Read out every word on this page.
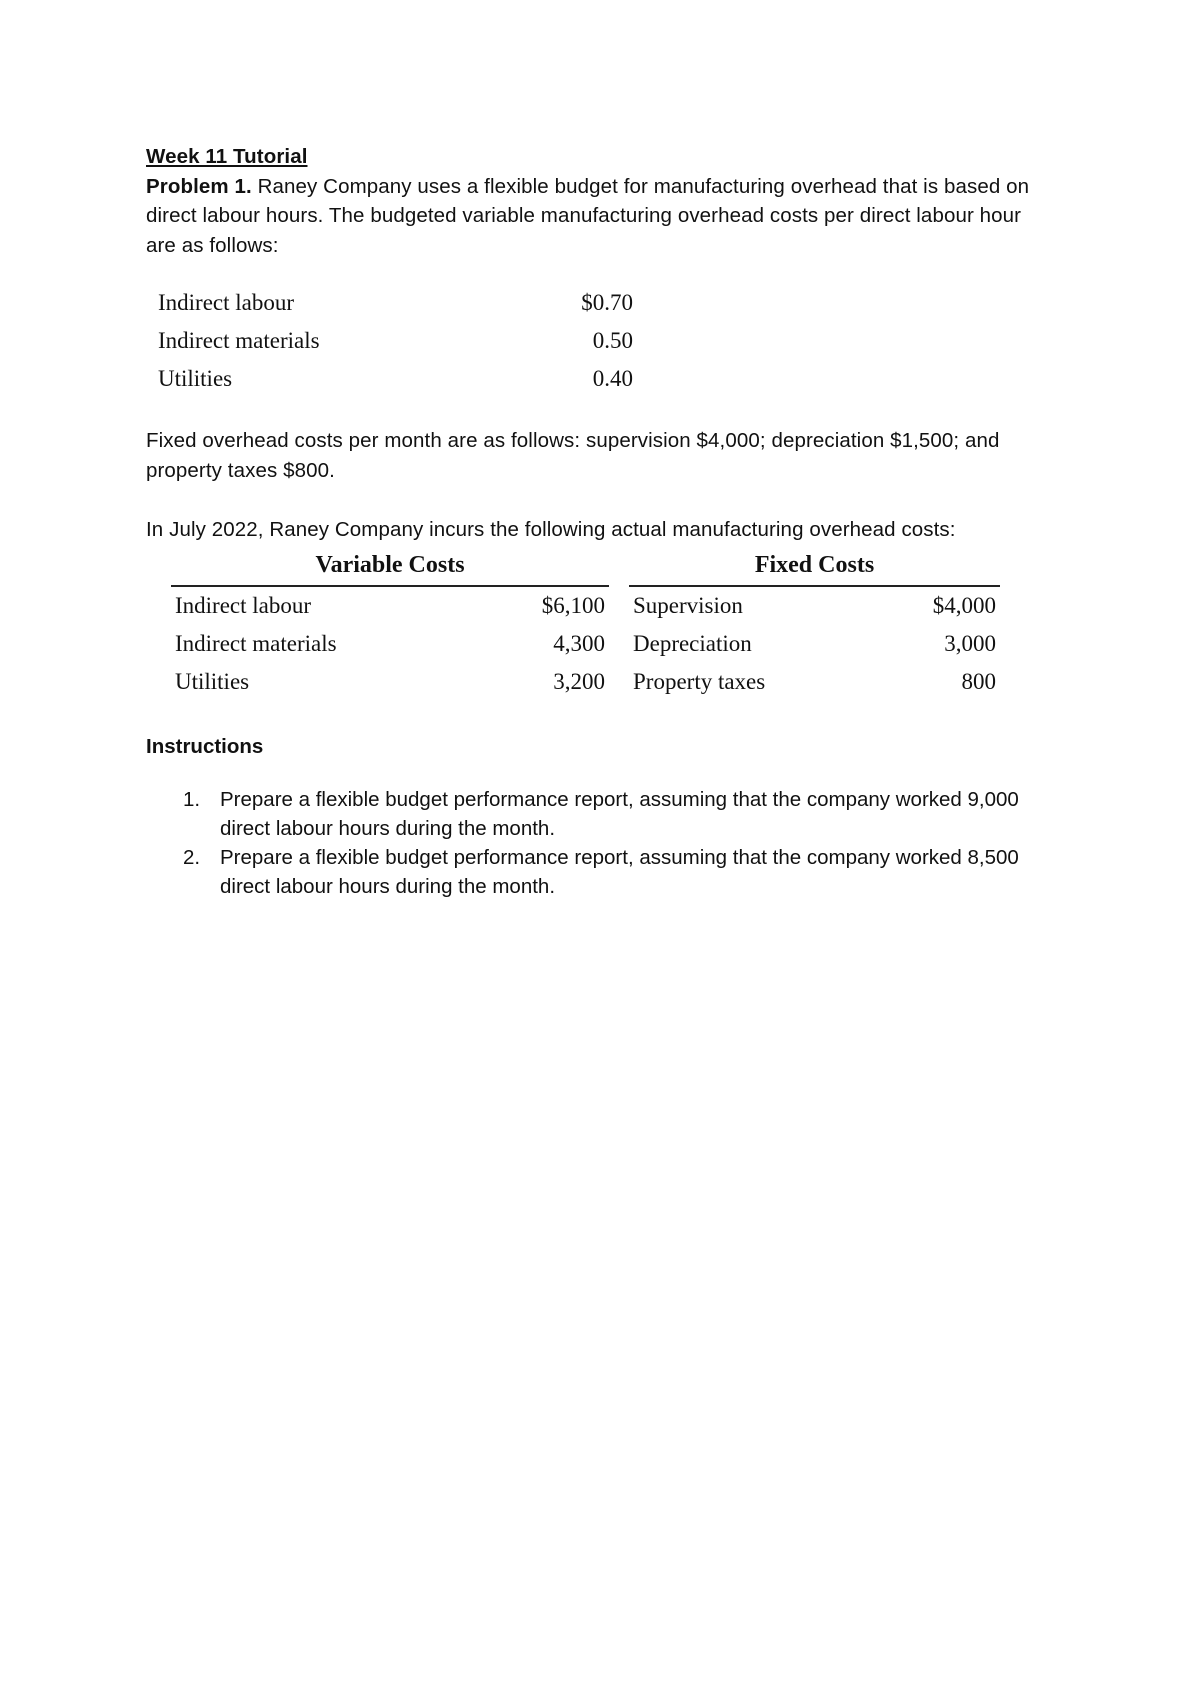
Week 11 Tutorial

Problem 1. Raney Company uses a flexible budget for manufacturing overhead that is based on direct labour hours. The budgeted variable manufacturing overhead costs per direct labour hour are as follows:

Indirect labour	$0.70
Indirect materials	0.50
Utilities	0.40

Fixed overhead costs per month are as follows: supervision $4,000; depreciation $1,500; and property taxes $800.

In July 2022, Raney Company incurs the following actual manufacturing overhead costs:

Variable Costs
Indirect labour	$6,100
Indirect materials	4,300
Utilities	3,200
Fixed Costs
Supervision	$4,000
Depreciation	3,000
Property taxes	800
Instructions
1. Prepare a flexible budget performance report, assuming that the company worked 9,000 direct labour hours during the month.
2. Prepare a flexible budget performance report, assuming that the company worked 8,500 direct labour hours during the month.
